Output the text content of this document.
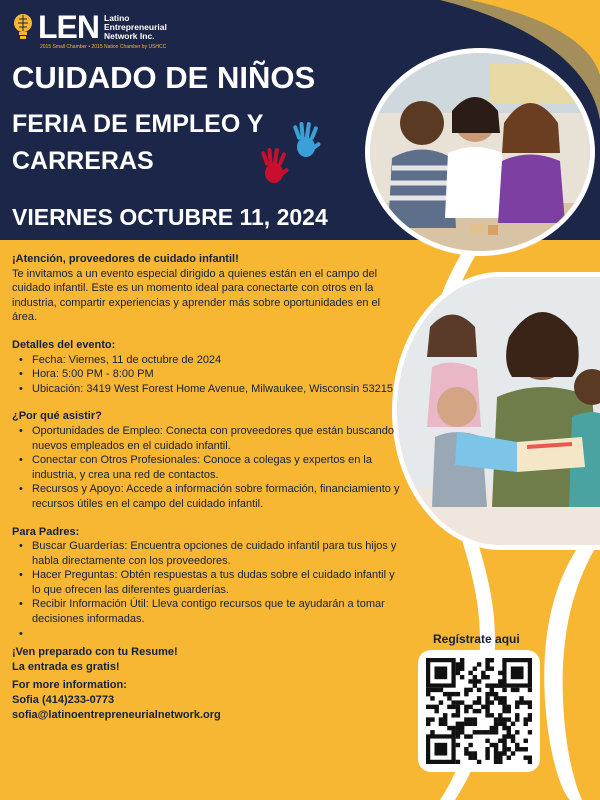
LEN Latino Entrepreneurial Network Inc.
2015 Small Chamber • 2015 Nation Chamber by USHCC
CUIDADO DE NIÑOS
FERIA DE EMPLEO Y
CARRERAS
VIERNES OCTUBRE 11, 2024

¡Atención, proveedores de cuidado infantil!

Te invitamos a un evento especial dirigido a quienes están en el campo del cuidado infantil. Este es un momento ideal para conectarte con otros en la industria, compartir experiencias y aprender más sobre oportunidades en el área.

Detalles del evento:

• Fecha: Viernes, 11 de octubre de 2024
• Hora: 5:00 PM - 8:00 PM
• Ubicación: 3419 West Forest Home Avenue, Milwaukee, Wisconsin 53215

¿Por qué asistir?

• Oportunidades de Empleo: Conecta con proveedores que están buscando nuevos empleados en el cuidado infantil.
• Conectar con Otros Profesionales: Conoce a colegas y expertos en la industria, y crea una red de contactos.
• Recursos y Apoyo: Accede a información sobre formación, financiamiento y recursos útiles en el campo del cuidado infantil.

Para Padres:

• Buscar Guarderías: Encuentra opciones de cuidado infantil para tus hijos y habla directamente con los proveedores.
• Hacer Preguntas: Obtén respuestas a tus dudas sobre el cuidado infantil y lo que ofrecen las diferentes guarderías.
• Recibir Información Útil: Lleva contigo recursos que te ayudarán a tomar decisiones informadas.
•

¡Ven preparado con tu Resume!

La entrada es gratis!

For more information:

Sofia (414)233-0773

sofia@latinoentrepreneurialnetwork.org

Regístrate aqui
